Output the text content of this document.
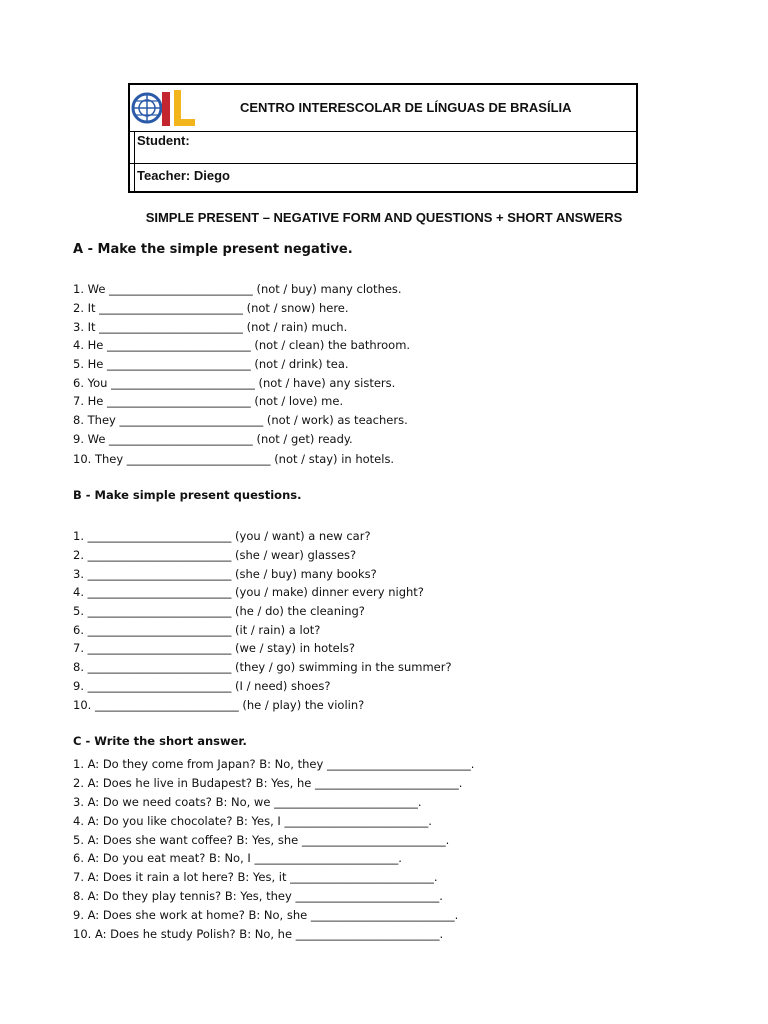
CENTRO INTERESCOLAR DE LÍNGUAS DE BRASÍLIA
Student:
Teacher: Diego
SIMPLE PRESENT – NEGATIVE FORM AND QUESTIONS + SHORT ANSWERS
A - Make the simple present negative.
1. We _________________________ (not / buy) many clothes.
2. It _________________________ (not / snow) here.
3. It _________________________ (not / rain) much.
4. He _________________________ (not / clean) the bathroom.
5. He _________________________ (not / drink) tea.
6. You _________________________ (not / have) any sisters.
7. He _________________________ (not / love) me.
8. They _________________________ (not / work) as teachers.
9. We _________________________ (not / get) ready.
10. They _________________________ (not / stay) in hotels.
B - Make simple present questions.
1. _________________________ (you / want) a new car?
2. _________________________ (she / wear) glasses?
3. _________________________ (she / buy) many books?
4. _________________________ (you / make) dinner every night?
5. _________________________ (he / do) the cleaning?
6. _________________________ (it / rain) a lot?
7. _________________________ (we / stay) in hotels?
8. _________________________ (they / go) swimming in the summer?
9. _________________________ (I / need) shoes?
10. _________________________ (he / play) the violin?
C - Write the short answer.
1. A: Do they come from Japan? B: No, they _________________________.
2. A: Does he live in Budapest? B: Yes, he _________________________.
3. A: Do we need coats? B: No, we _________________________.
4. A: Do you like chocolate? B: Yes, I _________________________.
5. A: Does she want coffee? B: Yes, she _________________________.
6. A: Do you eat meat? B: No, I _________________________.
7. A: Does it rain a lot here? B: Yes, it _________________________.
8. A: Do they play tennis? B: Yes, they _________________________.
9. A: Does she work at home? B: No, she _________________________.
10. A: Does he study Polish? B: No, he _________________________.
